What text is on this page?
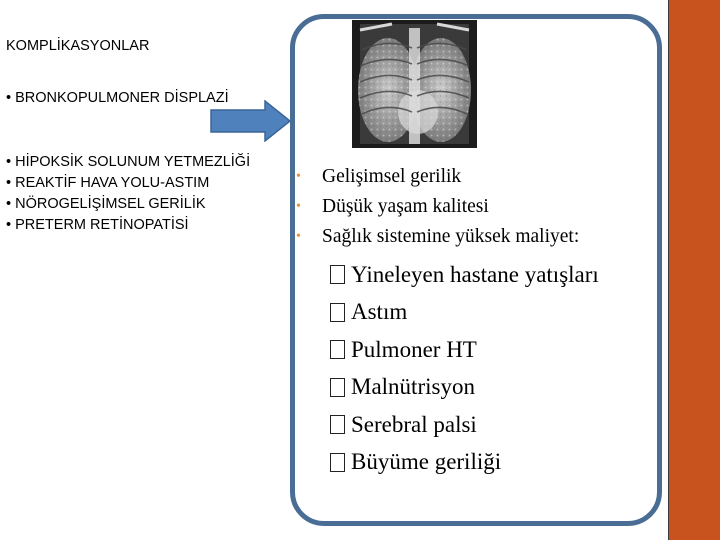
KOMPLİKASYONLAR
• BRONKOPULMONER DİSPLAZİ
• HİPOKSİK SOLUNUM YETMEZLİĞİ
• REAKTİF HAVA YOLU-ASTIM
• NÖROGELİŞİMSEL GERİLİK
• PRETERM RETİNOPATİSİ
•	Gelişimsel gerilik
•	Düşük yaşam kalitesi
•	Sağlık sistemine yüksek maliyet:
Yineleyen hastane yatışları
Astım
Pulmoner HT
Malnütrisyon
Serebral palsi
Büyüme geriliği
